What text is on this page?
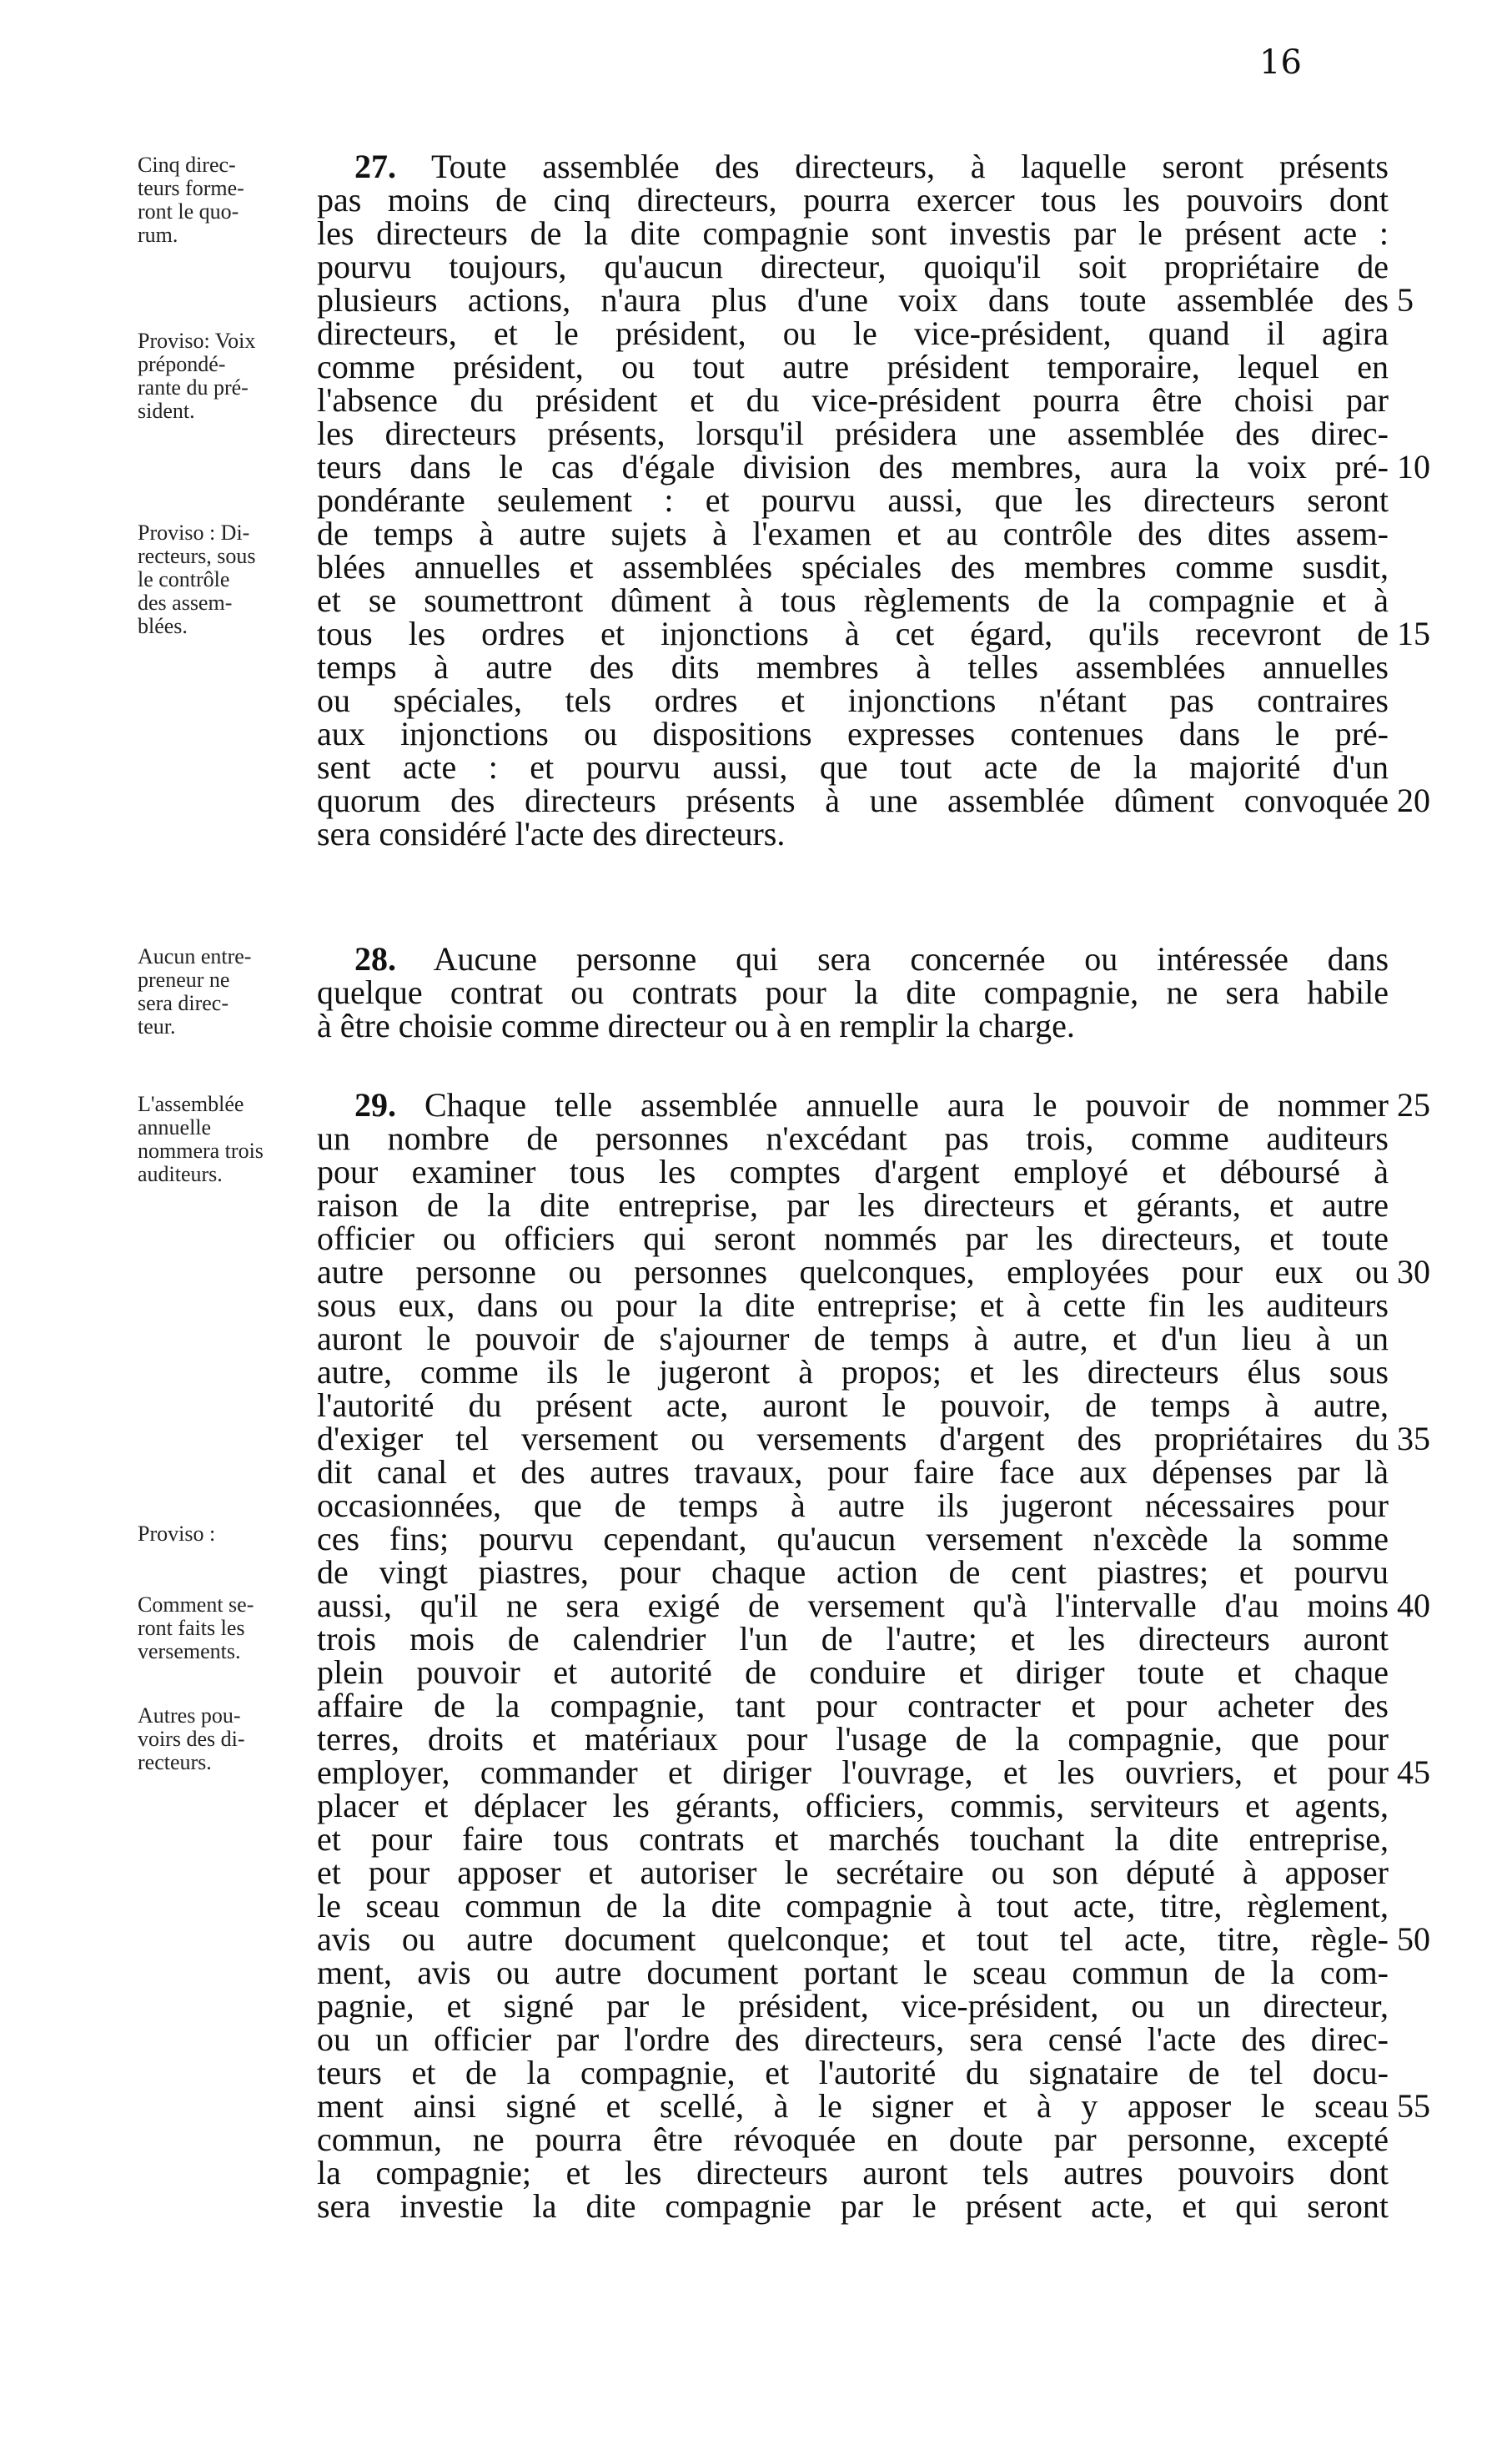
16
Cinq direc-
teurs forme-
ront le quo-
rum.
Proviso: Voix
prépondé-
rante du pré-
sident.
Proviso : Di-
recteurs, sous
le contrôle
des assem-
blées.
Aucun entre-
preneur ne
sera direc-
teur.
L'assemblée
annuelle
nommera trois
auditeurs.
Proviso :
Comment se-
ront faits les
versements.
Autres pou-
voirs des di-
recteurs.
27. Toute assemblée des directeurs, à laquelle seront présents
pas moins de cinq directeurs, pourra exercer tous les pouvoirs dont
les directeurs de la dite compagnie sont investis par le présent acte :
pourvu toujours, qu'aucun directeur, quoiqu'il soit propriétaire de
plusieurs actions, n'aura plus d'une voix dans toute assemblée des
directeurs, et le président, ou le vice-président, quand il agira
comme président, ou tout autre président temporaire, lequel en
l'absence du président et du vice-président pourra être choisi par
les directeurs présents, lorsqu'il présidera une assemblée des direc-
teurs dans le cas d'égale division des membres, aura la voix pré-
pondérante seulement : et pourvu aussi, que les directeurs seront
de temps à autre sujets à l'examen et au contrôle des dites assem-
blées annuelles et assemblées spéciales des membres comme susdit,
et se soumettront dûment à tous règlements de la compagnie et à
tous les ordres et injonctions à cet égard, qu'ils recevront de
temps à autre des dits membres à telles assemblées annuelles
ou spéciales, tels ordres et injonctions n'étant pas contraires
aux injonctions ou dispositions expresses contenues dans le pré-
sent acte : et pourvu aussi, que tout acte de la majorité d'un
quorum des directeurs présents à une assemblée dûment convoquée
sera considéré l'acte des directeurs.
28. Aucune personne qui sera concernée ou intéressée dans
quelque contrat ou contrats pour la dite compagnie, ne sera habile
à être choisie comme directeur ou à en remplir la charge.
29. Chaque telle assemblée annuelle aura le pouvoir de nommer
un nombre de personnes n'excédant pas trois, comme auditeurs
pour examiner tous les comptes d'argent employé et déboursé à
raison de la dite entreprise, par les directeurs et gérants, et autre
officier ou officiers qui seront nommés par les directeurs, et toute
autre personne ou personnes quelconques, employées pour eux ou
sous eux, dans ou pour la dite entreprise; et à cette fin les auditeurs
auront le pouvoir de s'ajourner de temps à autre, et d'un lieu à un
autre, comme ils le jugeront à propos; et les directeurs élus sous
l'autorité du présent acte, auront le pouvoir, de temps à autre,
d'exiger tel versement ou versements d'argent des propriétaires du
dit canal et des autres travaux, pour faire face aux dépenses par là
occasionnées, que de temps à autre ils jugeront nécessaires pour
ces fins; pourvu cependant, qu'aucun versement n'excède la somme
de vingt piastres, pour chaque action de cent piastres; et pourvu
aussi, qu'il ne sera exigé de versement qu'à l'intervalle d'au moins
trois mois de calendrier l'un de l'autre; et les directeurs auront
plein pouvoir et autorité de conduire et diriger toute et chaque
affaire de la compagnie, tant pour contracter et pour acheter des
terres, droits et matériaux pour l'usage de la compagnie, que pour
employer, commander et diriger l'ouvrage, et les ouvriers, et pour
placer et déplacer les gérants, officiers, commis, serviteurs et agents,
et pour faire tous contrats et marchés touchant la dite entreprise,
et pour apposer et autoriser le secrétaire ou son député à apposer
le sceau commun de la dite compagnie à tout acte, titre, règlement,
avis ou autre document quelconque; et tout tel acte, titre, règle-
ment, avis ou autre document portant le sceau commun de la com-
pagnie, et signé par le président, vice-président, ou un directeur,
ou un officier par l'ordre des directeurs, sera censé l'acte des direc-
teurs et de la compagnie, et l'autorité du signataire de tel docu-
ment ainsi signé et scellé, à le signer et à y apposer le sceau
commun, ne pourra être révoquée en doute par personne, excepté
la compagnie; et les directeurs auront tels autres pouvoirs dont
sera investie la dite compagnie par le présent acte, et qui seront
5
10
15
20
25
30
35
40
45
50
55
